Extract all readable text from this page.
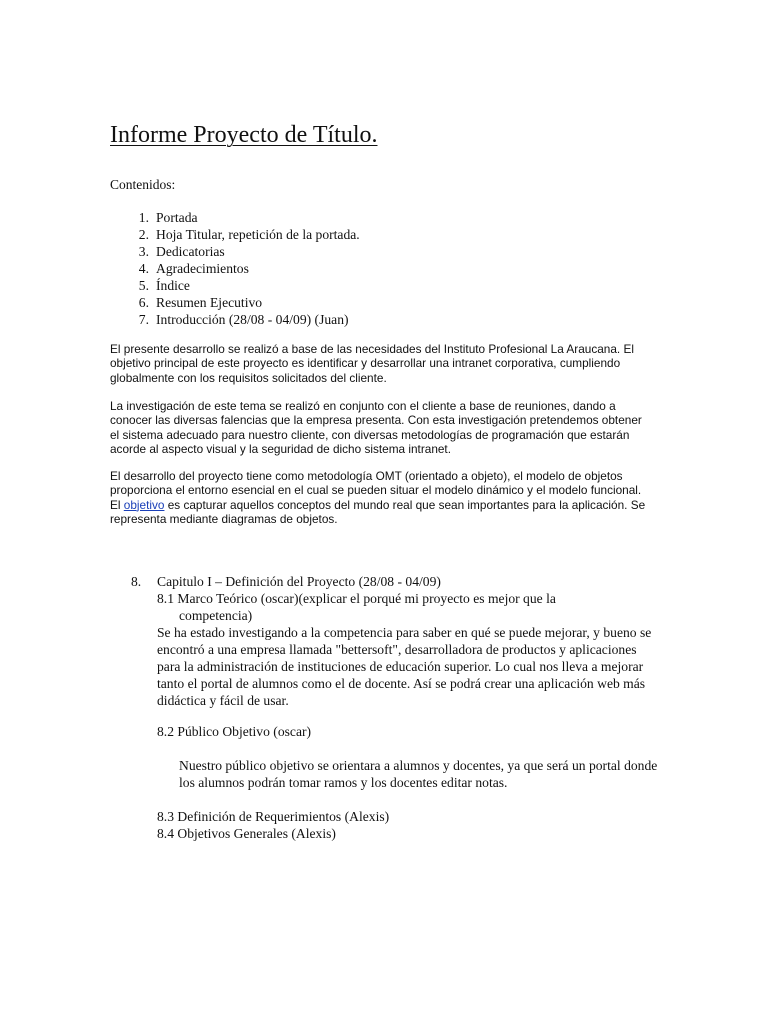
Informe Proyecto de Título.
Contenidos:
1. Portada
2. Hoja Titular, repetición de la portada.
3. Dedicatorias
4. Agradecimientos
5. Índice
6. Resumen Ejecutivo
7. Introducción (28/08 - 04/09) (Juan)

El presente desarrollo se realizó a base de las necesidades del Instituto Profesional La Araucana. El objetivo principal de este proyecto es identificar y desarrollar una intranet corporativa, cumpliendo globalmente con los requisitos solicitados del cliente.

La investigación de este tema se realizó en conjunto con el cliente a base de reuniones, dando a conocer las diversas falencias que la empresa presenta. Con esta investigación pretendemos obtener el sistema adecuado para nuestro cliente, con diversas metodologías de programación que estarán acorde al aspecto visual y la seguridad de dicho sistema intranet.

El desarrollo del proyecto tiene como metodología OMT (orientado a objeto), el modelo de objetos proporciona el entorno esencial en el cual se pueden situar el modelo dinámico y el modelo funcional. El objetivo es capturar aquellos conceptos del mundo real que sean importantes para la aplicación. Se representa mediante diagramas de objetos.

8. Capitulo I – Definición del Proyecto (28/08 - 04/09)
8.1 Marco Teórico (oscar)(explicar el porqué mi proyecto es mejor que la competencia)

Se ha estado investigando a la competencia para saber en qué se puede mejorar, y bueno se encontró a una empresa llamada "bettersoft", desarrolladora de productos y aplicaciones para la administración de instituciones de educación superior. Lo cual nos lleva a mejorar tanto el portal de alumnos como el de docente. Así se podrá crear una aplicación web más didáctica y fácil de usar.

8.2 Público Objetivo (oscar)

Nuestro público objetivo se orientara a alumnos y docentes, ya que será un portal donde los alumnos podrán tomar ramos y los docentes editar notas.

8.3 Definición de Requerimientos (Alexis)
8.4 Objetivos Generales (Alexis)
